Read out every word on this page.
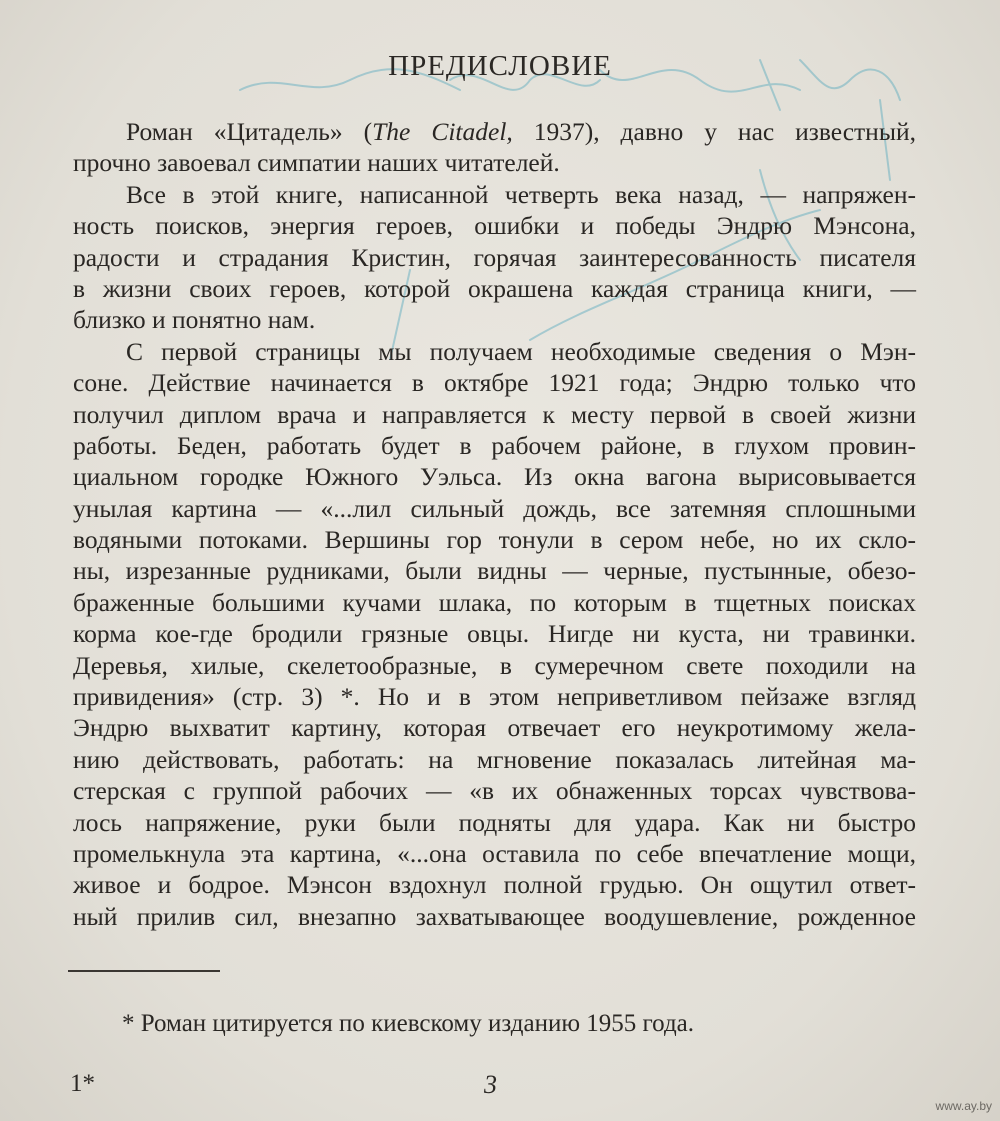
ПРЕДИСЛОВИЕ
Роман «Цитадель» (The Citadel, 1937), давно у нас известный,
прочно завоевал симпатии наших читателей.
Все в этой книге, написанной четверть века назад, — напряжен-
ность поисков, энергия героев, ошибки и победы Эндрю Мэнсона,
радости и страдания Кристин, горячая заинтересованность писателя
в жизни своих героев, которой окрашена каждая страница книги, —
близко и понятно нам.
С первой страницы мы получаем необходимые сведения о Мэн-
соне. Действие начинается в октябре 1921 года; Эндрю только что
получил диплом врача и направляется к месту первой в своей жизни
работы. Беден, работать будет в рабочем районе, в глухом провин-
циальном городке Южного Уэльса. Из окна вагона вырисовывается
унылая картина — «...лил сильный дождь, все затемняя сплошными
водяными потоками. Вершины гор тонули в сером небе, но их скло-
ны, изрезанные рудниками, были видны — черные, пустынные, обезо-
браженные большими кучами шлака, по которым в тщетных поисках
корма кое-где бродили грязные овцы. Нигде ни куста, ни травинки.
Деревья, хилые, скелетообразные, в сумеречном свете походили на
привидения» (стр. 3) *. Но и в этом неприветливом пейзаже взгляд
Эндрю выхватит картину, которая отвечает его неукротимому жела-
нию действовать, работать: на мгновение показалась литейная ма-
стерская с группой рабочих — «в их обнаженных торсах чувствова-
лось напряжение, руки были подняты для удара. Как ни быстро
промелькнула эта картина, «...она оставила по себе впечатление мощи,
живое и бодрое. Мэнсон вздохнул полной грудью. Он ощутил ответ-
ный прилив сил, внезапно захватывающее воодушевление, рожденное
* Роман цитируется по киевскому изданию 1955 года.
1*	3
www.ay.by
